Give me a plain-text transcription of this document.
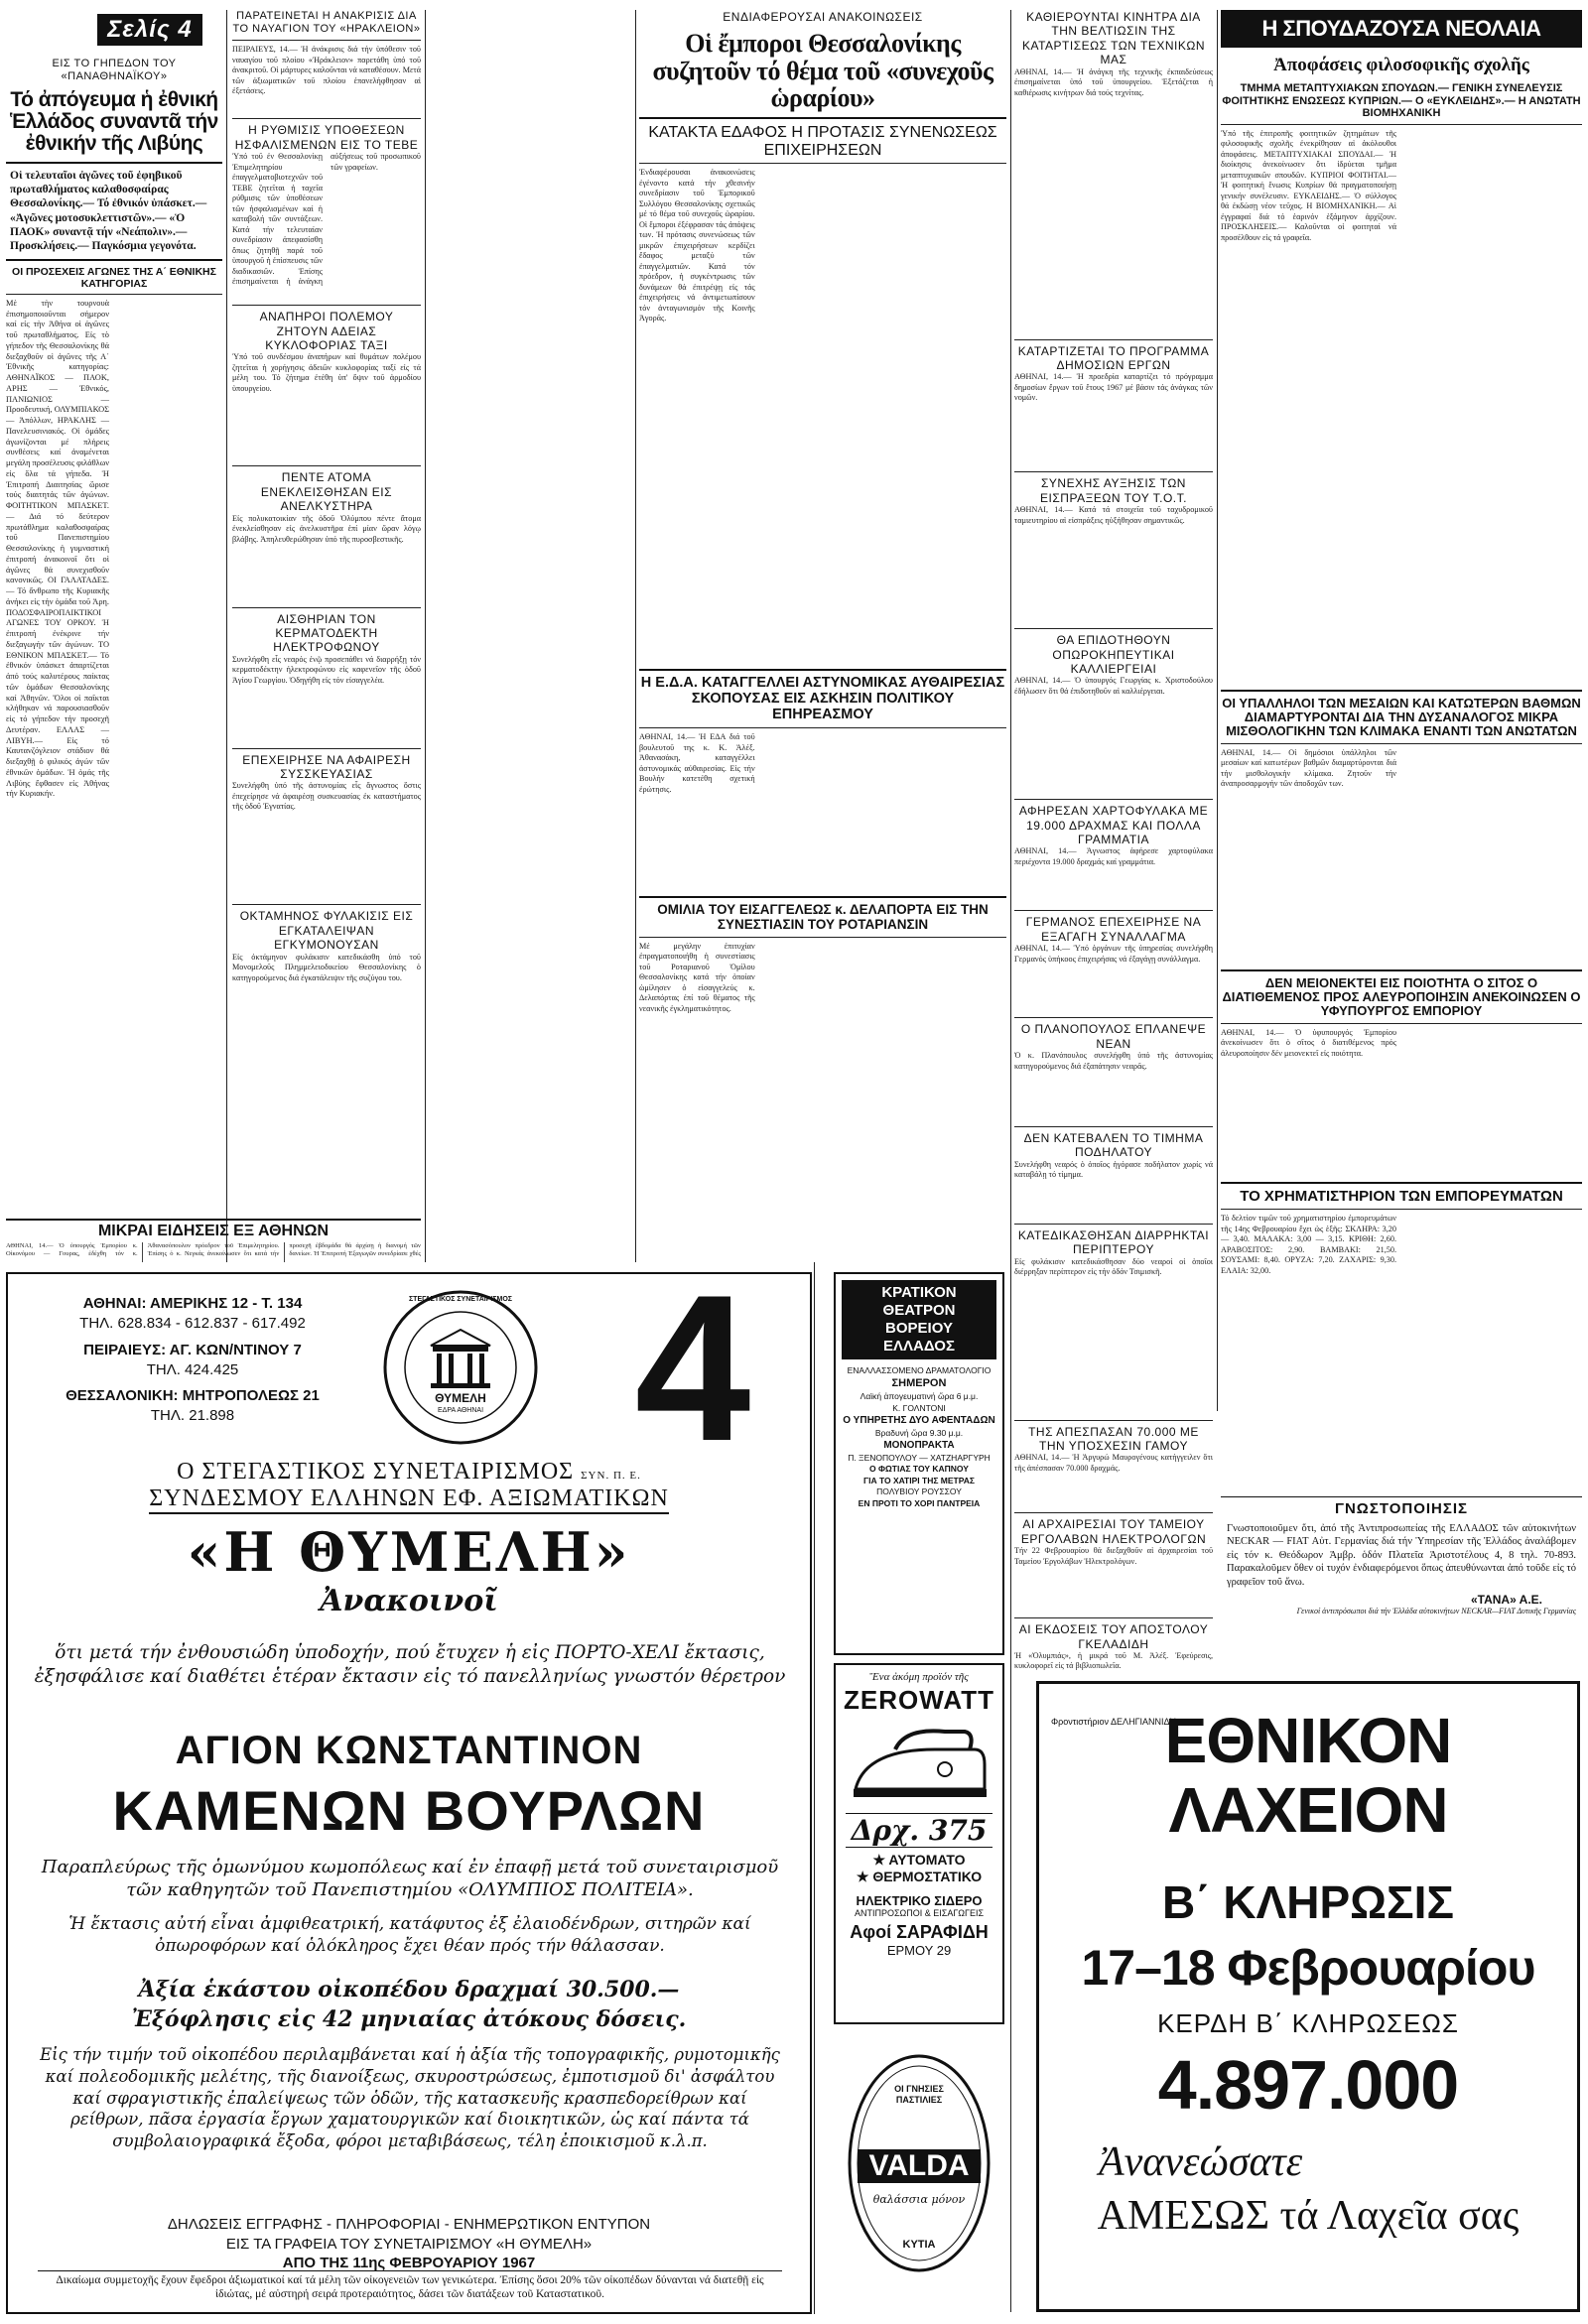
Σελίς 4
ΕΙΣ ΤΟ ΓΗΠΕΔΟΝ ΤΟΥ «ΠΑΝΑΘΗΝΑΪΚΟΥ»
Τό ἀπόγευμα ἡ ἐθνική Ἑλλάδος συναντᾶ τήν ἐθνικήν τῆς Λιβύης
Οἱ τελευταῖοι ἀγῶνες τοῦ ἐφηβικοῦ πρωταθλήματος καλαθοσφαίρας Θεσσαλονίκης.— Τό ἐθνικόν ὑπάσκετ.— «Ἀγῶνες μοτοσυκλεττιστῶν».— «Ὁ ΠΑΟΚ» συναντᾷ τήν «Νεάπολιν».— Προσκλήσεις.— Παγκόσμια γεγονότα.
ΟΙ ΠΡΟΣΕΧΕΙΣ ΑΓΩΝΕΣ ΤΗΣ Α΄ ΕΘΝΙΚΗΣ ΚΑΤΗΓΟΡΙΑΣ
Μὲ τὴν τουρνουὰ ἐπισημοποιοῦνται σήμερον καί εἰς τὴν Ἀθήνα οἱ ἀγῶνες τοῦ πρωταθλήματος. Εἰς τὸ γήπεδον τῆς Θεσσαλονίκης θά διεξαχθοῦν οἱ ἀγῶνες τῆς Α΄ Ἐθνικῆς κατηγορίας: ΑΘΗΝΑΪΚΟΣ — ΠΑΟΚ, ΑΡΗΣ — Ἐθνικός, ΠΑΝΙΩΝΙΟΣ — Προοδευτική, ΟΛΥΜΠΙΑΚΟΣ — Ἀπόλλων, ΗΡΑΚΛΗΣ — Πανελευσινιακός. Οἱ ὁμάδες ἀγωνίζονται μέ πλήρεις συνθέσεις καί ἀναμένεται μεγάλη προσέλευσις φιλάθλων εἰς ὅλα τά γήπεδα. Ἡ Ἐπιτροπή Διαιτησίας ὥρισε τούς διαιτητάς τῶν ἀγώνων. ΦΟΙΤΗΤΙΚΟΝ ΜΠΑΣΚΕΤ.— Διά τό δεύτερον πρωτάθλημα καλαθοσφαίρας τοῦ Πανεπιστημίου Θεσσαλονίκης ἡ γυμναστική ἐπιτροπή ἀνακοινοῖ ὅτι οἱ ἀγῶνες θά συνεχισθοῦν κανονικῶς. ΟΙ ΓΑΛΑΤΑΔΕΣ.— Τό ἄνθρωπο τῆς Κυριακῆς ἀνήκει εἰς τήν ὁμάδα τοῦ Ἀρη. ΠΟΔΟΣΦΑΙΡΟΠΑΙΚΤΙΚΟΙ ΑΓΩΝΕΣ ΤΟΥ ΟΡΚΟΥ. Ἡ ἐπιτροπή ἐνέκρινε τήν διεξαγωγήν τῶν ἀγώνων. ΤΟ ΕΘΝΙΚΟΝ ΜΠΑΣΚΕΤ.— Τό ἐθνικόν ὑπάσκετ ἀπαρτίζεται ἀπό τούς καλυτέρους παίκτας τῶν ὁμάδων Θεσσαλονίκης καί Ἀθηνῶν. Ὅλοι οἱ παῖκται κλήθηκαν νά παρουσιασθοῦν εἰς τό γήπεδον τήν προσεχῆ Δευτέραν. ΕΛΛΑΣ — ΛΙΒΥΗ.— Εἰς τό Καυτανζόγλειον στάδιον θά διεξαχθῇ ὁ φιλικός ἀγών τῶν ἐθνικῶν ὁμάδων. Ἡ ὁμάς τῆς Λιβύης ἔφθασεν εἰς Ἀθήνας τήν Κυριακήν.
ΠΑΡΑΤΕΙΝΕΤΑΙ Η ΑΝΑΚΡΙΣΙΣ ΔΙΑ ΤΟ ΝΑΥΑΓΙΟΝ ΤΟΥ «ΗΡΑΚΛΕΙΟΝ»
ΠΕΙΡΑΙΕΥΣ, 14.— Ἡ ἀνάκρισις διά τήν ὑπόθεσιν τοῦ ναυαγίου τοῦ πλοίου «Ἡράκλειον» παρετάθη ὑπό τοῦ ἀνακριτοῦ. Οἱ μάρτυρες καλοῦνται νά καταθέσουν. Μετά τῶν ἀξιωματικῶν τοῦ πλοίου ἐπανελήφθησαν αἱ ἐξετάσεις.
Η ΡΥΘΜΙΣΙΣ ΥΠΟΘΕΣΕΩΝ ΗΣΦΑΛΙΣΜΕΝΩΝ ΕΙΣ ΤΟ ΤΕΒΕ
Ὑπό τοῦ ἐν Θεσσαλονίκῃ Ἐπιμελητηρίου ἐπαγγελματοβιοτεχνῶν τοῦ ΤΕΒΕ ζητεῖται ἡ ταχεῖα ρύθμισις τῶν ὑποθέσεων τῶν ἠσφαλισμένων καί ἡ καταβολή τῶν συντάξεων. Κατά τήν τελευταίαν συνεδρίασιν ἀπεφασίσθη ὅπως ζητηθῇ παρά τοῦ ὑπουργοῦ ἡ ἐπίσπευσις τῶν διαδικασιῶν. Ἐπίσης ἐπισημαίνεται ἡ ἀνάγκη αὐξήσεως τοῦ προσωπικοῦ τῶν γραφείων.
ΑΝΑΠΗΡΟΙ ΠΟΛΕΜΟΥ ΖΗΤΟΥΝ ΑΔΕΙΑΣ ΚΥΚΛΟΦΟΡΙΑΣ ΤΑΞΙ
Ὑπό τοῦ συνδέσμου ἀναπήρων καί θυμάτων πολέμου ζητεῖται ἡ χορήγησις ἀδειῶν κυκλοφορίας ταξί εἰς τά μέλη του. Τό ζήτημα ἐτέθη ὑπ' ὄψιν τοῦ ἁρμοδίου ὑπουργείου.
ΠΕΝΤΕ ΑΤΟΜΑ ΕΝΕΚΛΕΙΣΘΗΣΑΝ ΕΙΣ ΑΝΕΛΚΥΣΤΗΡΑ
Εἰς πολυκατοικίαν τῆς ὁδοῦ Ὀλύμπου πέντε ἄτομα ἐνεκλείσθησαν εἰς ἀνελκυστῆρα ἐπί μίαν ὥραν λόγῳ βλάβης. Ἀπηλευθερώθησαν ὑπό τῆς πυροσβεστικῆς.
ΑΙΣΘΗΡΙΑΝ ΤΟΝ ΚΕΡΜΑΤΟΔΕΚΤΗ ΗΛΕΚΤΡΟΦΩΝΟΥ
Συνελήφθη εἷς νεαρός ἐνῷ προσεπάθει νά διαρρήξῃ τόν κερματοδέκτην ἠλεκτροφώνου εἰς καφενεῖον τῆς ὁδοῦ Ἁγίου Γεωργίου. Ὁδηγήθη εἰς τόν εἰσαγγελέα.
ΕΠΕΧΕΙΡΗΣΕ ΝΑ ΑΦΑΙΡΕΣΗ ΣΥΣΣΚΕΥΑΣΙΑΣ
Συνελήφθη ὑπό τῆς ἀστυνομίας εἷς ἄγνωστος ὅστις ἐπεχείρησε νά ἀφαιρέσῃ συσκευασίας ἐκ καταστήματος τῆς ὁδοῦ Ἐγνατίας.
ΟΚΤΑΜΗΝΟΣ ΦΥΛΑΚΙΣΙΣ ΕΙΣ ΕΓΚΑΤΑΛΕΙΨΑΝ ΕΓΚΥΜΟΝΟΥΣΑΝ
Εἰς ὀκτάμηνον φυλάκισιν κατεδικάσθη ὑπό τοῦ Μονομελοῦς Πλημμελειοδικείου Θεσσαλονίκης ὁ κατηγορούμενος διά ἐγκατάλειψιν τῆς συζύγου του.
ΜΙΚΡΑΙ ΕΙΔΗΣΕΙΣ ΕΞ ΑΘΗΝΩΝ
ΑΘΗΝΑΙ, 14.— Ὁ ὑπουργός Ἐμπορίου κ. Οἰκονόμου — Γουρας, ἐδέχθη τόν κ. Ἀθανασόπουλον πρόεδρον τοῦ Ἐπιμελητηρίου. Ἐπίσης ὁ κ. Νεγκάς ἀνεκοίνωσεν ὅτι κατά τήν προσεχῆ ἑβδομάδα θά ἀρχίσῃ ἡ διανομή τῶν δανείων. Ἡ Ἐπιτροπή Ἐξαγωγῶν συνεδρίασε χθές
ΕΝΔΙΑΦΕΡΟΥΣΑΙ ΑΝΑΚΟΙΝΩΣΕΙΣ
Οἱ ἔμποροι Θεσσαλονίκης συζητοῦν τό θέμα τοῦ «συνεχοῦς ὡραρίου»
ΚΑΤΑΚΤΑ ΕΔΑΦΟΣ Η ΠΡΟΤΑΣΙΣ ΣΥΝΕΝΩΣΕΩΣ ΕΠΙΧΕΙΡΗΣΕΩΝ
Ἐνδιαφέρουσαι ἀνακοινώσεις ἐγένοντο κατά τήν χθεσινήν συνεδρίασιν τοῦ Ἐμπορικοῦ Συλλόγου Θεσσαλονίκης σχετικῶς μέ τό θέμα τοῦ συνεχοῦς ὡραρίου. Οἱ ἔμποροι ἐξέφρασαν τάς ἀπόψεις των. Ἡ πρότασις συνενώσεως τῶν μικρῶν ἐπιχειρήσεων κερδίζει ἔδαφος μεταξύ τῶν ἐπαγγελματιῶν. Κατά τόν πρόεδρον, ἡ συγκέντρωσις τῶν δυνάμεων θά ἐπιτρέψῃ εἰς τάς ἐπιχειρήσεις νά ἀντιμετωπίσουν τόν ἀνταγωνισμόν τῆς Κοινῆς Ἀγορᾶς.
Η Ε.Δ.Α. ΚΑΤΑΓΓΕΛΛΕΙ ΑΣΤΥΝΟΜΙΚΑΣ ΑΥΘΑΙΡΕΣΙΑΣ ΣΚΟΠΟΥΣΑΣ ΕΙΣ ΑΣΚΗΣΙΝ ΠΟΛΙΤΙΚΟΥ ΕΠΗΡΕΑΣΜΟΥ
ΑΘΗΝΑΙ, 14.— Ἡ ΕΔΑ διά τοῦ βουλευτοῦ της κ. Κ. Ἀλέξ. Ἀθανασάκη, καταγγέλλει ἀστυνομικάς αὐθαιρεσίας. Εἰς τήν Βουλήν κατετέθη σχετική ἐρώτησις.
ΟΜΙΛΙΑ ΤΟΥ ΕΙΣΑΓΓΕΛΕΩΣ κ. ΔΕΛΑΠΟΡΤΑ ΕΙΣ ΤΗΝ ΣΥΝΕΣΤΙΑΣΙΝ ΤΟΥ ΡΟΤΑΡΙΑΝΣΙΝ
Μέ μεγάλην ἐπιτυχίαν ἐπραγματοποιήθη ἡ συνεστίασις τοῦ Ροταριανοῦ Ὁμίλου Θεσσαλονίκης κατά τήν ὁποίαν ὡμίλησεν ὁ εἰσαγγελεύς κ. Δελαπόρτας ἐπί τοῦ θέματος τῆς νεανικῆς ἐγκληματικότητος.
ΚΑΘΙΕΡΟΥΝΤΑΙ ΚΙΝΗΤΡΑ ΔΙΑ ΤΗΝ ΒΕΛΤΙΩΣΙΝ ΤΗΣ ΚΑΤΑΡΤΙΣΕΩΣ ΤΩΝ ΤΕΧΝΙΚΩΝ ΜΑΣ
ΑΘΗΝΑΙ, 14.— Ἡ ἀνάγκη τῆς τεχνικῆς ἐκπαιδεύσεως ἐπισημαίνεται ὑπό τοῦ ὑπουργείου. Ἐξετάζεται ἡ καθιέρωσις κινήτρων διά τούς τεχνίτας.
ΚΑΤΑΡΤΙΖΕΤΑΙ ΤΟ ΠΡΟΓΡΑΜΜΑ ΔΗΜΟΣΙΩΝ ΕΡΓΩΝ
ΑΘΗΝΑΙ, 14.— Ἡ προεδρία καταρτίζει τό πρόγραμμα δημοσίων ἔργων τοῦ ἔτους 1967 μέ βάσιν τάς ἀνάγκας τῶν νομῶν.
ΣΥΝΕΧΗΣ ΑΥΞΗΣΙΣ ΤΩΝ ΕΙΣΠΡΑΞΕΩΝ ΤΟΥ Τ.Ο.Τ.
ΑΘΗΝΑΙ, 14.— Κατά τά στοιχεῖα τοῦ ταχυδρομικοῦ ταμιευτηρίου αἱ εἰσπράξεις ηὐξήθησαν σημαντικῶς.
ΘΑ ΕΠΙΔΟΤΗΘΟΥΝ ΟΠΩΡΟΚΗΠΕΥΤΙΚΑΙ ΚΑΛΛΙΕΡΓΕΙΑΙ
ΑΘΗΝΑΙ, 14.— Ὁ ὑπουργός Γεωργίας κ. Χριστοδούλου ἐδήλωσεν ὅτι θά ἐπιδοτηθοῦν αἱ καλλιέργειαι.
ΑΦΗΡΕΣΑΝ ΧΑΡΤΟΦΥΛΑΚΑ ΜΕ 19.000 ΔΡΑΧΜΑΣ ΚΑΙ ΠΟΛΛΑ ΓΡΑΜΜΑΤΙΑ
ΑΘΗΝΑΙ, 14.— Ἀγνωστος ἀφήρεσε χαρτοφύλακα περιέχοντα 19.000 δραχμάς καί γραμμάτια.
ΓΕΡΜΑΝΟΣ ΕΠΕΧΕΙΡΗΣΕ ΝΑ ΕΞΑΓΑΓΗ ΣΥΝΑΛΛΑΓΜΑ
ΑΘΗΝΑΙ, 14.— Ὑπό ὀργάνων τῆς ὑπηρεσίας συνελήφθη Γερμανός ὑπήκοος ἐπιχειρήσας νά ἐξαγάγῃ συνάλλαγμα.
Ο ΠΛΑΝΟΠΟΥΛΟΣ ΕΠΛΑΝΕΨΕ ΝΕΑΝ
Ὁ κ. Πλανόπουλος συνελήφθη ὑπό τῆς ἀστυνομίας κατηγορούμενος διά ἐξαπάτησιν νεαρᾶς.
ΔΕΝ ΚΑΤΕΒΑΛΕΝ ΤΟ ΤΙΜΗΜΑ ΠΟΔΗΛΑΤΟΥ
Συνελήφθη νεαρός ὁ ὁποῖος ἠγόρασε ποδήλατον χωρίς νά καταβάλῃ τό τίμημα.
ΚΑΤΕΔΙΚΑΣΘΗΣΑΝ ΔΙΑΡΡΗΚΤΑΙ ΠΕΡΙΠΤΕΡΟΥ
Εἰς φυλάκισιν κατεδικάσθησαν δύο νεαροί οἱ ὁποῖοι διέρρηξαν περίπτερον εἰς τήν ὁδόν Τσιμισκῆ.
ΤΗΣ ΑΠΕΣΠΑΣΑΝ 70.000 ΜΕ ΤΗΝ ΥΠΟΣΧΕΣΙΝ ΓΑΜΟΥ
ΑΘΗΝΑΙ, 14.— Ἡ Ἀργυρώ Μαυρογένους κατήγγειλεν ὅτι τῆς ἀπέσπασαν 70.000 δραχμάς.
ΑΙ ΑΡΧΑΙΡΕΣΙΑΙ ΤΟΥ ΤΑΜΕΙΟΥ ΕΡΓΟΛΑΒΩΝ ΗΛΕΚΤΡΟΛΟΓΩΝ
Τήν 22 Φεβρουαρίου θά διεξαχθοῦν αἱ ἀρχαιρεσίαι τοῦ Ταμείου Ἐργολάβων Ἠλεκτρολόγων.
ΑΙ ΕΚΔΟΣΕΙΣ ΤΟΥ ΑΠΟΣΤΟΛΟΥ ΓΚΕΛΑΔΙΔΗ
Ἡ «Ὀλυμπιάς», ἡ μικρά τοῦ Μ. Ἀλέξ. Ἐφεύρεσις, κυκλοφορεῖ εἰς τά βιβλιοπωλεῖα.
Φροντιστήριον ΔΕΛΗΓΙΑΝΝΙΔΗ
Η ΣΠΟΥΔΑΖΟΥΣΑ ΝΕΟΛΑΙΑ
Ἀποφάσεις φιλοσοφικῆς σχολῆς
ΤΜΗΜΑ ΜΕΤΑΠΤΥΧΙΑΚΩΝ ΣΠΟΥΔΩΝ.— ΓΕΝΙΚΗ ΣΥΝΕΛΕΥΣΙΣ ΦΟΙΤΗΤΙΚΗΣ ΕΝΩΣΕΩΣ ΚΥΠΡΙΩΝ.— Ο «ΕΥΚΛΕΙΔΗΣ».— Η ΑΝΩΤΑΤΗ ΒΙΟΜΗΧΑΝΙΚΗ
Ὑπό τῆς ἐπιτροπῆς φοιτητικῶν ζητημάτων τῆς φιλοσοφικῆς σχολῆς ἐνεκρίθησαν αἱ ἀκόλουθοι ἀποφάσεις. ΜΕΤΑΠΤΥΧΙΑΚΑΙ ΣΠΟΥΔΑΙ.— Ἡ διοίκησις ἀνεκοίνωσεν ὅτι ἰδρύεται τμῆμα μεταπτυχιακῶν σπουδῶν. ΚΥΠΡΙΟΙ ΦΟΙΤΗΤΑΙ.— Ἡ φοιτητική ἕνωσις Κυπρίων θά πραγματοποιήσῃ γενικήν συνέλευσιν. ΕΥΚΛΕΙΔΗΣ.— Ὁ σύλλογος θά ἐκδώσῃ νέον τεῦχος. Η ΒΙΟΜΗΧΑΝΙΚΗ.— Αἱ ἐγγραφαί διά τό ἑαρινόν ἑξάμηνον ἀρχίζουν. ΠΡΟΣΚΛΗΣΕΙΣ.— Καλοῦνται οἱ φοιτηταί νά προσέλθουν εἰς τά γραφεῖα.
ΟΙ ΥΠΑΛΛΗΛΟΙ ΤΩΝ ΜΕΣΑΙΩΝ ΚΑΙ ΚΑΤΩΤΕΡΩΝ ΒΑΘΜΩΝ ΔΙΑΜΑΡΤΥΡΟΝΤΑΙ ΔΙΑ ΤΗΝ ΔΥΣΑΝΑΛΟΓΟΣ ΜΙΚΡΑ ΜΙΣΘΟΛΟΓΙΚΗΝ ΤΩΝ ΚΛΙΜΑΚΑ ΕΝΑΝΤΙ ΤΩΝ ΑΝΩΤΑΤΩΝ
ΑΘΗΝΑΙ, 14.— Οἱ δημόσιοι ὑπάλληλοι τῶν μεσαίων καί κατωτέρων βαθμῶν διαμαρτύρονται διά τήν μισθολογικήν κλίμακα. Ζητοῦν τήν ἀναπροσαρμογήν τῶν ἀποδοχῶν των.
ΔΕΝ ΜΕΙΟΝΕΚΤΕΙ ΕΙΣ ΠΟΙΟΤΗΤΑ Ο ΣΙΤΟΣ Ο ΔΙΑΤΙΘΕΜΕΝΟΣ ΠΡΟΣ ΑΛΕΥΡΟΠΟΙΗΣΙΝ ΑΝΕΚΟΙΝΩΣΕΝ Ο ΥΦΥΠΟΥΡΓΟΣ ΕΜΠΟΡΙΟΥ
ΑΘΗΝΑΙ, 14.— Ὁ ὑφυπουργός Ἐμπορίου ἀνεκοίνωσεν ὅτι ὁ σῖτος ὁ διατιθέμενος πρός ἀλευροποίησιν δέν μειονεκτεῖ εἰς ποιότητα.
ΤΟ ΧΡΗΜΑΤΙΣΤΗΡΙΟΝ ΤΩΝ ΕΜΠΟΡΕΥΜΑΤΩΝ
Τό δελτίον τιμῶν τοῦ χρηματιστηρίου ἐμπορευμάτων τῆς 14ης Φεβρουαρίου ἔχει ὡς ἑξῆς: ΣΚΛΗΡΑ: 3,20 — 3,40. ΜΑΛΑΚΑ: 3,00 — 3,15. ΚΡΙΘΗ: 2,60. ΑΡΑΒΟΣΙΤΟΣ: 2,90. ΒΑΜΒΑΚΙ: 21,50. ΣΟΥΣΑΜΙ: 8,40. ΟΡΥΖΑ: 7,20. ΖΑΧΑΡΙΣ: 9,30. ΕΛΑΙΑ: 32,00.
ΓΝΩΣΤΟΠΟΙΗΣΙΣ
Γνωστοποιοῦμεν ὅτι, ἀπό τῆς Ἀντιπροσωπείας τῆς ΕΛΛΑΔΟΣ τῶν αὐτοκινήτων NECKAR — FIAT Αὐτ. Γερμανίας διά τήν Ὑπηρεσίαν τῆς Ἐλλάδος ἀναλάβομεν εἰς τόν κ. Θεόδωρον Ἀμβρ. ὁδόν Πλατεῖα Ἀριστοτέλους 4, 8 τηλ. 70-893. Παρακαλοῦμεν ὅθεν οἱ τυχόν ἐνδιαφερόμενοι ὅπως ἀπευθύνωνται ἀπό τοῦδε εἰς τό γραφεῖον τοῦ ἄνω.
«ΤΑΝΑ» Α.Ε.
Γενικοί ἀντιπρόσωποι διά τήν Ἑλλάδα αὐτοκινήτων NECKAR—FIAT Δυτικῆς Γερμανίας
ΕΘΝΙΚΟΝ ΛΑΧΕΙΟΝ
Β΄ ΚΛΗΡΩΣΙΣ
17–18 Φεβρουαρίου
ΚΕΡΔΗ Β΄ ΚΛΗΡΩΣΕΩΣ
4.897.000
Ἀνανεώσατε
ΑΜΕΣΩΣ τά Λαχεῖα σας
ΚΡΑΤΙΚΟΝ
ΘΕΑΤΡΟΝ
ΒΟΡΕΙΟΥ
ΕΛΛΑΔΟΣ
ΕΝΑΛΛΑΣΣΟΜΕΝΟ ΔΡΑΜΑΤΟΛΟΓΙΟ
ΣΗΜΕΡΟΝ
Λαϊκή ἀπογευματινή ὥρα 6 μ.μ.
Κ. ΓΟΛΝΤΟΝΙ
Ο ΥΠΗΡΕΤΗΣ ΔΥΟ ΑΦΕΝΤΑΔΩΝ
Βραδυνή ὥρα 9.30 μ.μ.
ΜΟΝΟΠΡΑΚΤΑ
Π. ΞΕΝΟΠΟΥΛΟΥ — ΧΑΤΖΗΑΡΓΥΡΗ
Ο ΦΩΤΙΑΣ ΤΟΥ ΚΑΠΝΟΥ
ΓΙΑ ΤΟ ΧΑΤΙΡΙ ΤΗΣ ΜΕΤΡΑΣ
ΠΟΛΥΒΙΟΥ ΡΟΥΣΣΟΥ
ΕΝ ΠΡΟΤΙ ΤΟ ΧΟΡΙ ΠΑΝΤΡΕΙΑ
Ἕνα ἀκόμη προϊόν τῆς
ZEROWATT
Δρχ. 375
★ ΑΥΤΟΜΑΤΟ
★ ΘΕΡΜΟΣΤΑΤΙΚΟ
ΗΛΕΚΤΡΙΚΟ ΣΙΔΕΡΟ
ΑΝΤΙΠΡΟΣΩΠΟΙ & ΕΙΣΑΓΩΓΕΙΣ
Αφοί ΣΑΡΑΦΙΔΗ
ΕΡΜΟΥ 29
ΟΙ ΓΝΗΣΙΕΣ ΠΑΣΤΙΛΙΕΣ
VALDA
θαλάσσια μόνον
ΚΥΤΙΑ
ΑΘΗΝΑΙ: ΑΜΕΡΙΚΗΣ 12 - Τ. 134
ΤΗΛ. 628.834 - 612.837 - 617.492
ΠΕΙΡΑΙΕΥΣ: ΑΓ. ΚΩΝ/ΝΤΙΝΟΥ 7
ΤΗΛ. 424.425
ΘΕΣΣΑΛΟΝΙΚΗ: ΜΗΤΡΟΠΟΛΕΩΣ 21
ΤΗΛ. 21.898
ΣΤΕΓΑΣΤΙΚΟΣ ΣΥΝΕΤΑΙΡΙΣΜΟΣ
ΘΥΜΕΛΗ
ΕΔΡΑ ΑΘΗΝΑΙ 4
Ο ΣΤΕΓΑΣΤΙΚΟΣ ΣΥΝΕΤΑΙΡΙΣΜΟΣ ΣΥΝ. Π. Ε.
ΣΥΝΔΕΣΜΟΥ ΕΛΛΗΝΩΝ ΕΦ. ΑΞΙΩΜΑΤΙΚΩΝ
«Η ΘΥΜΕΛΗ»
Ἀνακοινοῖ
ὅτι μετά τήν ἐνθουσιώδη ὑποδοχήν, πού ἔτυχεν ἡ εἰς ΠΟΡΤΟ-ΧΕΛΙ ἔκτασις, ἐξησφάλισε καί διαθέτει ἑτέραν ἔκτασιν εἰς τό πανελληνίως γνωστόν θέρετρον
ΑΓΙΟΝ ΚΩΝΣΤΑΝΤΙΝΟΝ
ΚΑΜΕΝΩΝ ΒΟΥΡΛΩΝ
Παραπλεύρως τῆς ὁμωνύμου κωμοπόλεως καί ἐν ἐπαφῇ μετά τοῦ συνεταιρισμοῦ τῶν καθηγητῶν τοῦ Πανεπιστημίου «ΟΛΥΜΠΙΟΣ ΠΟΛΙΤΕΙΑ».
Ἡ ἔκτασις αὐτή εἶναι ἀμφιθεατρική, κατάφυτος ἐξ ἐλαιοδένδρων, σιτηρῶν καί ὀπωροφόρων καί ὁλόκληρος ἔχει θέαν πρός τήν θάλασσαν.
Ἀξία ἑκάστου οἰκοπέδου δραχμαί 30.500.—
Ἐξόφλησις εἰς 42 μηνιαίας ἀτόκους δόσεις.
Εἰς τήν τιμήν τοῦ οἰκοπέδου περιλαμβάνεται καί ἡ ἀξία τῆς τοπογραφικῆς, ρυμοτομικῆς καί πολεοδομικῆς μελέτης, τῆς διανοίξεως, σκυροστρώσεως, ἐμποτισμοῦ δι' ἀσφάλτου καί σφραγιστικῆς ἐπαλείψεως τῶν ὁδῶν, τῆς κατασκευῆς κρασπεδορείθρων καί ρείθρων, πᾶσα ἐργασία ἔργων χαματουργικῶν καί διοικητικῶν, ὡς καί πάντα τά συμβολαιογραφικά ἔξοδα, φόροι μεταβιβάσεως, τέλη ἐποικισμοῦ κ.λ.π.
ΔΗΛΩΣΕΙΣ ΕΓΓΡΑΦΗΣ - ΠΛΗΡΟΦΟΡΙΑΙ - ΕΝΗΜΕΡΩΤΙΚΟΝ ΕΝΤΥΠΟΝ
ΕΙΣ ΤΑ ΓΡΑΦΕΙΑ ΤΟΥ ΣΥΝΕΤΑΙΡΙΣΜΟΥ «Η ΘΥΜΕΛΗ»
ΑΠΟ ΤΗΣ 11ης ΦΕΒΡΟΥΑΡΙΟΥ 1967
Δικαίωμα συμμετοχῆς ἔχουν ἔφεδροι ἀξιωματικοί καί τά μέλη τῶν οἰκογενειῶν των γενικώτερα. Ἐπίσης ὅσοι 20% τῶν οἰκοπέδων δύνανται νά διατεθῇ εἰς ἰδιώτας, μέ αὐστηρή σειρά προτεραιότητος, δάσει τῶν διατάξεων τοῦ Καταστατικοῦ.
